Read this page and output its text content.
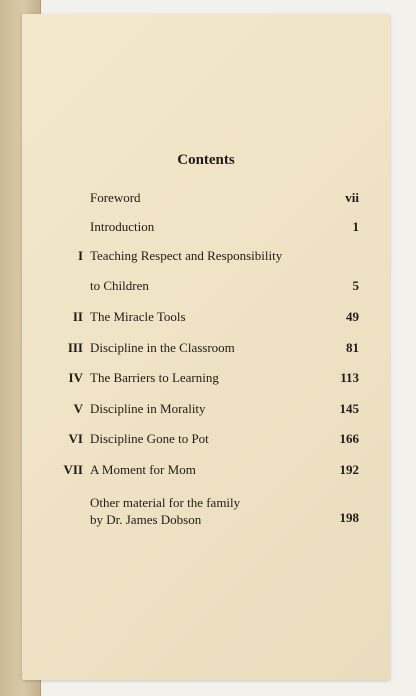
Contents
Foreword	vii
Introduction	1
I Teaching Respect and Responsibility
to Children	5
II The Miracle Tools	49
III Discipline in the Classroom	81
IV The Barriers to Learning	113
V Discipline in Morality	145
VI Discipline Gone to Pot	166
VII A Moment for Mom	192
Other material for the family
by Dr. James Dobson	198
